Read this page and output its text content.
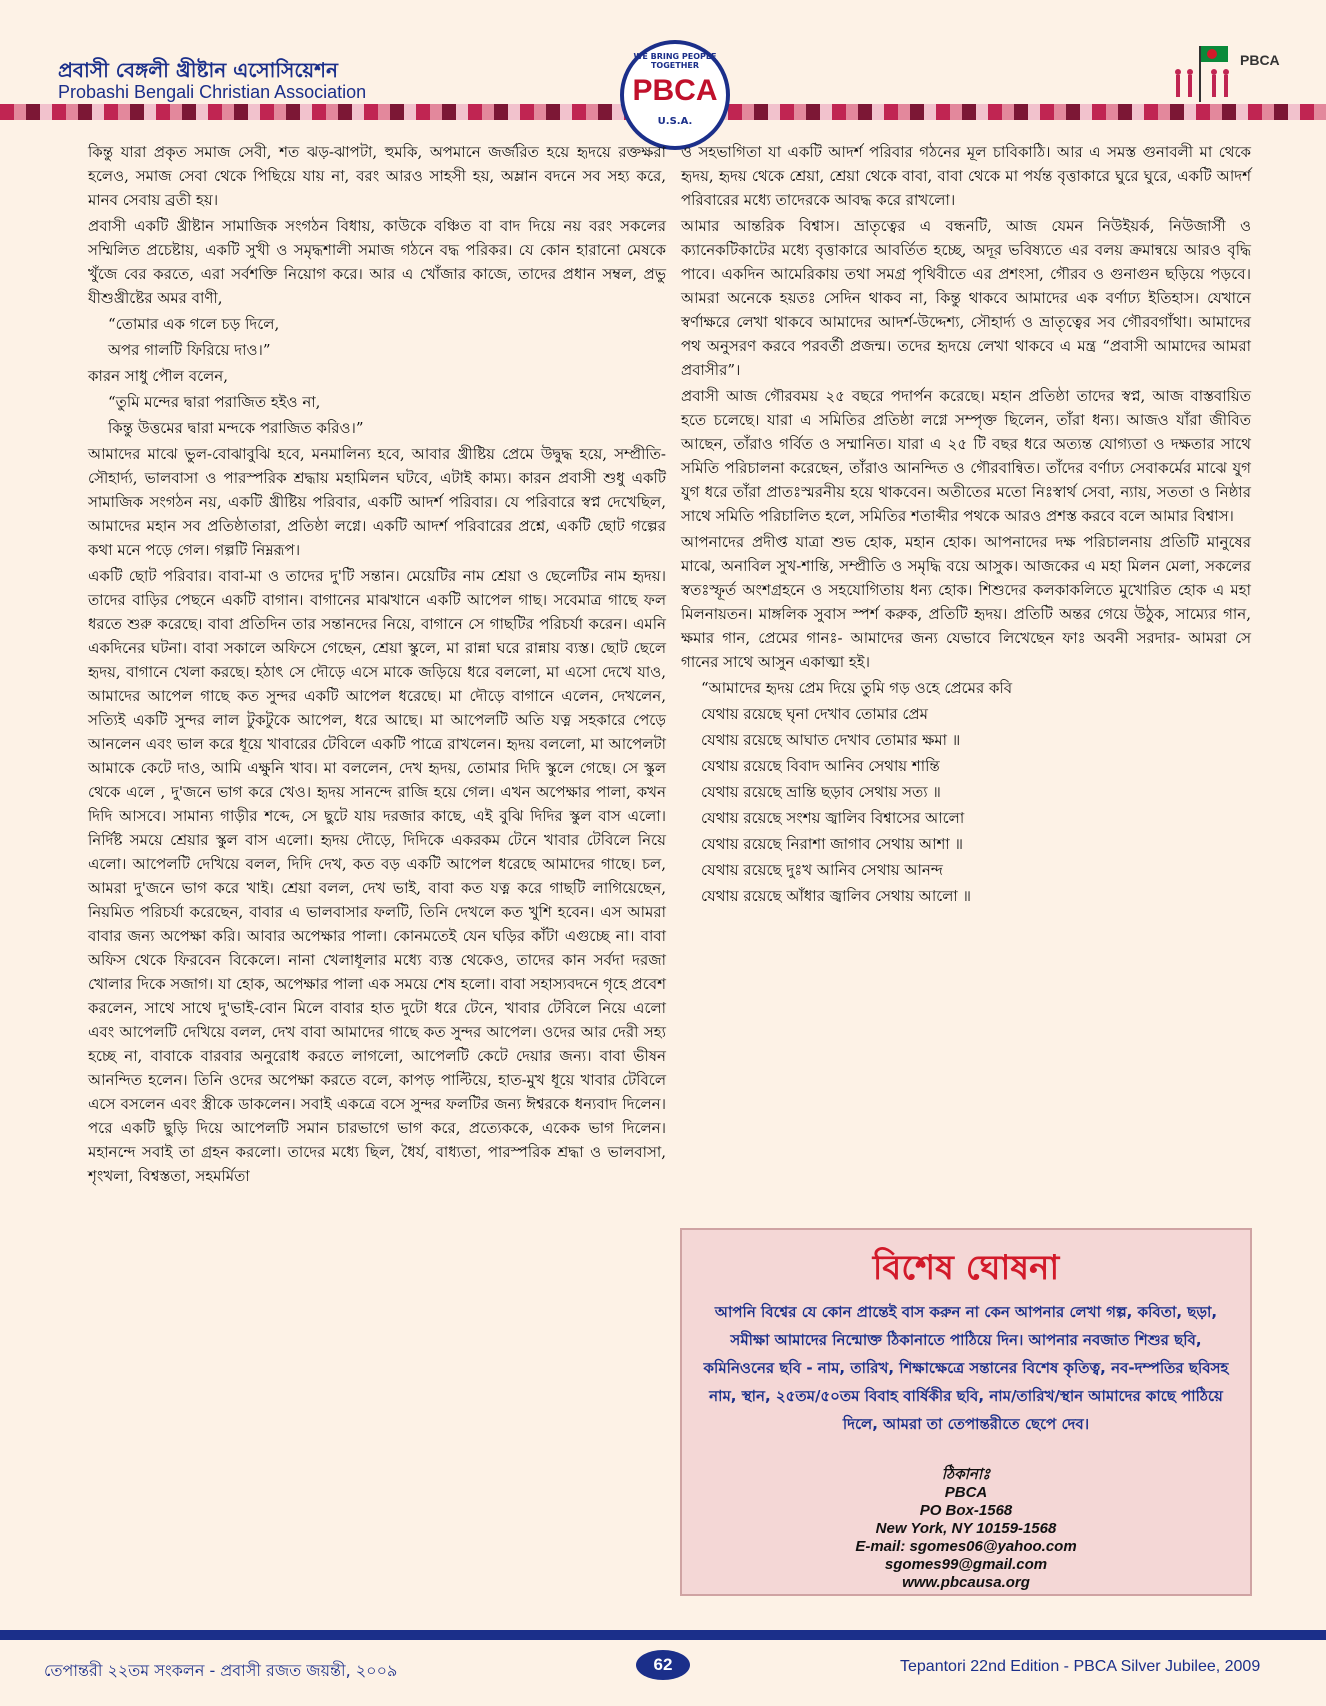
প্রবাসী বেঙ্গলী খ্রীষ্টান এসোসিয়েশন
Probashi Bengali Christian Association
WE BRING PEOPLE TOGETHER
PBCA
U.S.A.
PBCA

কিন্তু যারা প্রকৃত সমাজ সেবী, শত ঝড়-ঝাপটা, হুমকি, অপমানে জর্জরিত হয়ে হৃদয়ে রক্তক্ষরা হলেও, সমাজ সেবা থেকে পিছিয়ে যায় না, বরং আরও সাহসী হয়, অম্লান বদনে সব সহ্য করে, মানব সেবায় ব্রতী হয়।

প্রবাসী একটি খ্রীষ্টান সামাজিক সংগঠন বিধায়, কাউকে বঞ্চিত বা বাদ দিয়ে নয় বরং সকলের সম্মিলিত প্রচেষ্টায়, একটি সুখী ও সমৃদ্ধশালী সমাজ গঠনে বদ্ধ পরিকর। যে কোন হারানো মেষকে খুঁজে বের করতে, এরা সর্বশক্তি নিয়োগ করে। আর এ খোঁজার কাজে, তাদের প্রধান সম্বল, প্রভু যীশুখ্রীষ্টের অমর বাণী,

“তোমার এক গলে চড় দিলে,

অপর গালটি ফিরিয়ে দাও।”

কারন সাধু পৌল বলেন,

“তুমি মন্দের দ্বারা পরাজিত হইও না,

কিন্তু উত্তমের দ্বারা মন্দকে পরাজিত করিও।”

আমাদের মাঝে ভুল-বোঝাবুঝি হবে, মনমালিন্য হবে, আবার খ্রীষ্টিয় প্রেমে উদ্বুদ্ধ হয়ে, সম্প্রীতি-সৌহার্দ্য, ভালবাসা ও পারস্পরিক শ্রদ্ধায় মহামিলন ঘটবে, এটাই কাম্য। কারন প্রবাসী শুধু একটি সামাজিক সংগঠন নয়, একটি খ্রীষ্টিয় পরিবার, একটি আদর্শ পরিবার। যে পরিবারে স্বপ্ন দেখেছিল, আমাদের মহান সব প্রতিষ্ঠাতারা, প্রতিষ্ঠা লগ্নে। একটি আদর্শ পরিবারের প্রশ্নে, একটি ছোট গল্পের কথা মনে পড়ে গেল। গল্পটি নিম্নরূপ।

একটি ছোট পরিবার। বাবা-মা ও তাদের দু'টি সন্তান। মেয়েটির নাম শ্রেয়া ও ছেলেটির নাম হৃদয়। তাদের বাড়ির পেছনে একটি বাগান। বাগানের মাঝখানে একটি আপেল গাছ। সবেমাত্র গাছে ফল ধরতে শুরু করেছে। বাবা প্রতিদিন তার সন্তানদের নিয়ে, বাগানে সে গাছটির পরিচর্যা করেন। এমনি একদিনের ঘটনা। বাবা সকালে অফিসে গেছেন, শ্রেয়া স্কুলে, মা রান্না ঘরে রান্নায় ব্যস্ত। ছোট ছেলে হৃদয়, বাগানে খেলা করছে। হঠাৎ সে দৌড়ে এসে মাকে জড়িয়ে ধরে বললো, মা এসো দেখে যাও, আমাদের আপেল গাছে কত সুন্দর একটি আপেল ধরেছে। মা দৌড়ে বাগানে এলেন, দেখলেন, সত্যিই একটি সুন্দর লাল টুকটুকে আপেল, ধরে আছে। মা আপেলটি অতি যত্ন সহকারে পেড়ে আনলেন এবং ভাল করে ধূয়ে খাবারের টেবিলে একটি পাত্রে রাখলেন। হৃদয় বললো, মা আপেলটা আমাকে কেটে দাও, আমি এক্ষুনি খাব। মা বললেন, দেখ হৃদয়, তোমার দিদি স্কুলে গেছে। সে স্কুল থেকে এলে , দু'জনে ভাগ করে খেও। হৃদয় সানন্দে রাজি হয়ে গেল। এখন অপেক্ষার পালা, কখন দিদি আসবে। সামান্য গাড়ীর শব্দে, সে ছুটে যায় দরজার কাছে, এই বুঝি দিদির স্কুল বাস এলো। নির্দিষ্ট সময়ে শ্রেয়ার স্কুল বাস এলো। হৃদয় দৌড়ে, দিদিকে একরকম টেনে খাবার টেবিলে নিয়ে এলো। আপেলটি দেখিয়ে বলল, দিদি দেখ, কত বড় একটি আপেল ধরেছে আমাদের গাছে। চল, আমরা দু'জনে ভাগ করে খাই। শ্রেয়া বলল, দেখ ভাই, বাবা কত যত্ন করে গাছটি লাগিয়েছেন, নিয়মিত পরিচর্যা করেছেন, বাবার এ ভালবাসার ফলটি, তিনি দেখলে কত খুশি হবেন। এস আমরা বাবার জন্য অপেক্ষা করি। আবার অপেক্ষার পালা। কোনমতেই যেন ঘড়ির কাঁটা এগুচ্ছে না। বাবা অফিস থেকে ফিরবেন বিকেলে। নানা খেলাধূলার মধ্যে ব্যস্ত থেকেও, তাদের কান সর্বদা দরজা খোলার দিকে সজাগ। যা হোক, অপেক্ষার পালা এক সময়ে শেষ হলো। বাবা সহাস্যবদনে গৃহে প্রবেশ করলেন, সাথে সাথে দু'ভাই-বোন মিলে বাবার হাত দুটো ধরে টেনে, খাবার টেবিলে নিয়ে এলো এবং আপেলটি দেখিয়ে বলল, দেখ বাবা আমাদের গাছে কত সুন্দর আপেল। ওদের আর দেরী সহ্য হচ্ছে না, বাবাকে বারবার অনুরোধ করতে লাগলো, আপেলটি কেটে দেয়ার জন্য। বাবা ভীষন আনন্দিত হলেন। তিনি ওদের অপেক্ষা করতে বলে, কাপড় পাল্টিয়ে, হাত-মুখ ধূয়ে খাবার টেবিলে এসে বসলেন এবং স্ত্রীকে ডাকলেন। সবাই একত্রে বসে সুন্দর ফলটির জন্য ঈশ্বরকে ধন্যবাদ দিলেন। পরে একটি ছুড়ি দিয়ে আপেলটি সমান চারভাগে ভাগ করে, প্রত্যেককে, একেক ভাগ দিলেন। মহানন্দে সবাই তা গ্রহন করলো। তাদের মধ্যে ছিল, ধৈর্য, বাধ্যতা, পারস্পরিক শ্রদ্ধা ও ভালবাসা, শৃংখলা, বিশ্বস্ততা, সহমর্মিতা

ও সহভাগিতা যা একটি আদর্শ পরিবার গঠনের মূল চাবিকাঠি। আর এ সমস্ত গুনাবলী মা থেকে হৃদয়, হৃদয় থেকে শ্রেয়া, শ্রেয়া থেকে বাবা, বাবা থেকে মা পর্যন্ত বৃত্তাকারে ঘুরে ঘুরে, একটি আদর্শ পরিবারের মধ্যে তাদেরকে আবদ্ধ করে রাখলো।

আমার আন্তরিক বিশ্বাস। ভ্রাতৃত্বের এ বন্ধনটি, আজ যেমন নিউইয়র্ক, নিউজার্সী ও ক্যানেকটিকাটের মধ্যে বৃত্তাকারে আবর্তিত হচ্ছে, অদূর ভবিষ্যতে এর বলয় ক্রমান্বয়ে আরও বৃদ্ধি পাবে। একদিন আমেরিকায় তথা সমগ্র পৃথিবীতে এর প্রশংসা, গৌরব ও গুনাগুন ছড়িয়ে পড়বে। আমরা অনেকে হয়তঃ সেদিন থাকব না, কিন্তু থাকবে আমাদের এক বর্ণাঢ্য ইতিহাস। যেখানে স্বর্ণাক্ষরে লেখা থাকবে আমাদের আদর্শ-উদ্দেশ্য, সৌহার্দ্য ও ভ্রাতৃত্বের সব গৌরবগাঁথা। আমাদের পথ অনুসরণ করবে পরবর্তী প্রজন্ম। তদের হৃদয়ে লেখা থাকবে এ মন্ত্র “প্রবাসী আমাদের আমরা প্রবাসীর”।

প্রবাসী আজ গৌরবময় ২৫ বছরে পদার্পন করেছে। মহান প্রতিষ্ঠা তাদের স্বপ্ন, আজ বাস্তবায়িত হতে চলেছে। যারা এ সমিতির প্রতিষ্ঠা লগ্নে সম্পৃক্ত ছিলেন, তাঁরা ধন্য। আজও যাঁরা জীবিত আছেন, তাঁরাও গর্বিত ও সম্মানিত। যারা এ ২৫ টি বছর ধরে অত্যন্ত যোগ্যতা ও দক্ষতার সাথে সমিতি পরিচালনা করেছেন, তাঁরাও আনন্দিত ও গৌরবান্বিত। তাঁদের বর্ণাঢ্য সেবাকর্মের মাঝে যুগ যুগ ধরে তাঁরা প্রাতঃস্মরনীয় হয়ে থাকবেন। অতীতের মতো নিঃস্বার্থ সেবা, ন্যায়, সততা ও নিষ্ঠার সাথে সমিতি পরিচালিত হলে, সমিতির শতাব্দীর পথকে আরও প্রশস্ত করবে বলে আমার বিশ্বাস।

আপনাদের প্রদীপ্ত যাত্রা শুভ হোক, মহান হোক। আপনাদের দক্ষ পরিচালনায় প্রতিটি মানুষের মাঝে, অনাবিল সুখ-শান্তি, সম্প্রীতি ও সমৃদ্ধি বয়ে আসুক। আজকের এ মহা মিলন মেলা, সকলের স্বতঃস্ফূর্ত অংশগ্রহনে ও সহযোগিতায় ধন্য হোক। শিশুদের কলকাকলিতে মুখোরিত হোক এ মহা মিলনায়তন। মাঙ্গলিক সুবাস স্পর্শ করুক, প্রতিটি হৃদয়। প্রতিটি অন্তর গেয়ে উঠুক, সাম্যের গান, ক্ষমার গান, প্রেমের গানঃ- আমাদের জন্য যেভাবে লিখেছেন ফাঃ অবনী সরদার- আমরা সে গানের সাথে আসুন একাত্মা হই।

“আমাদের হৃদয় প্রেম দিয়ে তুমি গড় ওহে প্রেমের কবি

যেথায় রয়েছে ঘৃনা দেখাব তোমার প্রেম

যেথায় রয়েছে আঘাত দেখাব তোমার ক্ষমা ॥

যেথায় রয়েছে বিবাদ আনিব সেথায় শান্তি

যেথায় রয়েছে ভ্রান্তি ছড়াব সেথায় সত্য ॥

যেথায় রয়েছে সংশয় জ্বালিব বিশ্বাসের আলো

যেথায় রয়েছে নিরাশা জাগাব সেথায় আশা ॥

যেথায় রয়েছে দুঃখ আনিব সেথায় আনন্দ

যেথায় রয়েছে আঁধার জ্বালিব সেথায় আলো ॥

বিশেষ ঘোষনা
আপনি বিশ্বের যে কোন প্রান্তেই বাস করুন না কেন আপনার লেখা গল্প, কবিতা, ছড়া, সমীক্ষা আমাদের নিন্মোক্ত ঠিকানাতে পাঠিয়ে দিন। আপনার নবজাত শিশুর ছবি, কমিনিওনের ছবি - নাম, তারিখ, শিক্ষাক্ষেত্রে সন্তানের বিশেষ কৃতিত্ব, নব-দম্পতির ছবিসহ নাম, স্থান, ২৫তম/৫০তম বিবাহ বার্ষিকীর ছবি, নাম/তারিখ/স্থান আমাদের কাছে পাঠিয়ে দিলে, আমরা তা তেপান্তরীতে ছেপে দেব।
ঠিকানাঃ
PBCA
PO Box-1568
New York, NY 10159-1568
E-mail: sgomes06@yahoo.com
sgomes99@gmail.com
www.pbcausa.org
তেপান্তরী ২২তম সংকলন - প্রবাসী রজত জয়ন্তী, ২০০৯	62	Tepantori 22nd Edition - PBCA Silver Jubilee, 2009
